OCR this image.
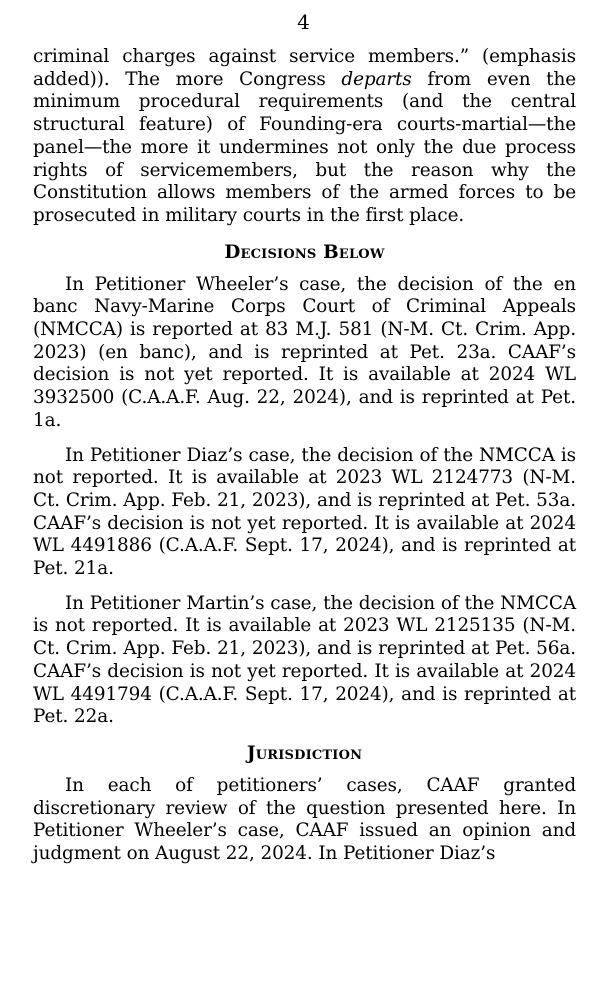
4

criminal charges against service members.” (emphasis added)). The more Congress departs from even the minimum procedural requirements (and the central structural feature) of Founding-era courts-martial—the panel—the more it undermines not only the due process rights of servicemembers, but the reason why the Constitution allows members of the armed forces to be prosecuted in military courts in the first place.

Decisions Below

In Petitioner Wheeler’s case, the decision of the en banc Navy-Marine Corps Court of Criminal Appeals (NMCCA) is reported at 83 M.J. 581 (N-M. Ct. Crim. App. 2023) (en banc), and is reprinted at Pet. 23a. CAAF’s decision is not yet reported. It is available at 2024 WL 3932500 (C.A.A.F. Aug. 22, 2024), and is reprinted at Pet. 1a.

In Petitioner Diaz’s case, the decision of the NMCCA is not reported. It is available at 2023 WL 2124773 (N-M. Ct. Crim. App. Feb. 21, 2023), and is reprinted at Pet. 53a. CAAF’s decision is not yet reported. It is available at 2024 WL 4491886 (C.A.A.F. Sept. 17, 2024), and is reprinted at Pet. 21a.

In Petitioner Martin’s case, the decision of the NMCCA is not reported. It is available at 2023 WL 2125135 (N-M. Ct. Crim. App. Feb. 21, 2023), and is reprinted at Pet. 56a. CAAF’s decision is not yet reported. It is available at 2024 WL 4491794 (C.A.A.F. Sept. 17, 2024), and is reprinted at Pet. 22a.

Jurisdiction

In each of petitioners’ cases, CAAF granted discretionary review of the question presented here. In Petitioner Wheeler’s case, CAAF issued an opinion and judgment on August 22, 2024. In Petitioner Diaz’s
